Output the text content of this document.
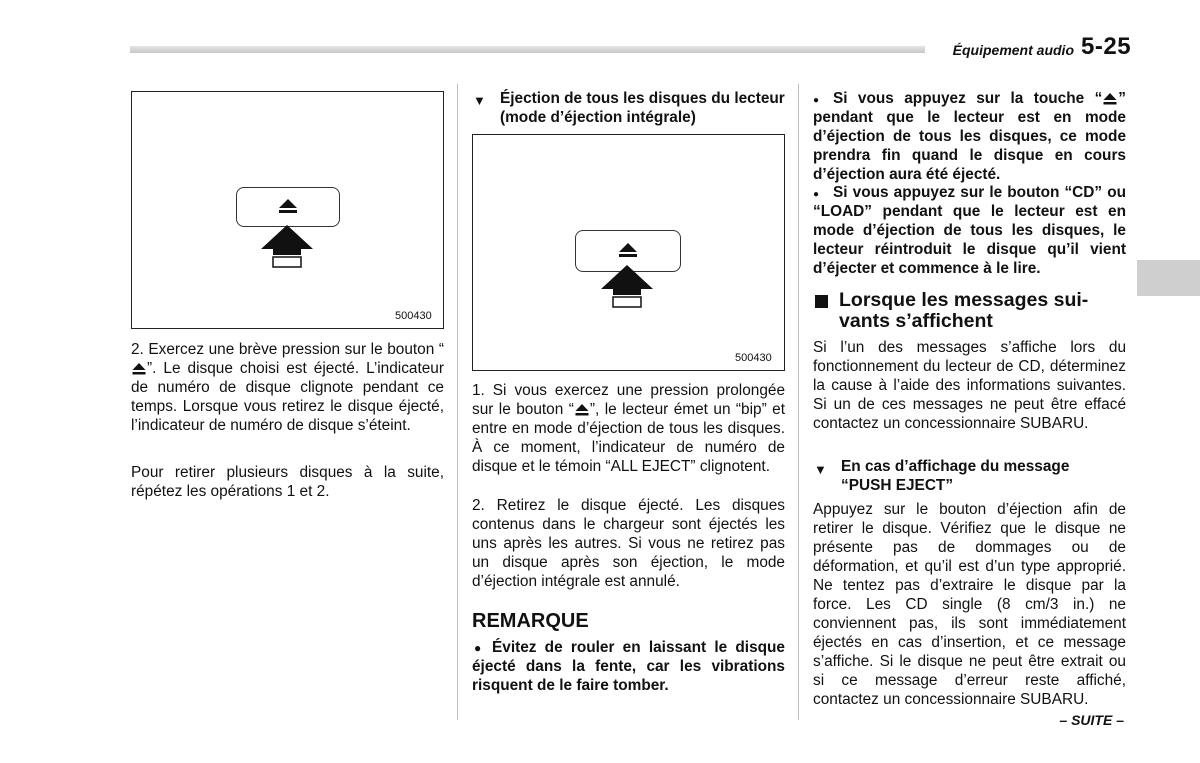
Équipement audio 5-25
500430

2. Exercez une brève pression sur le bouton “”. Le disque choisi est éjecté. L’indicateur de numéro de disque clignote pendant ce temps. Lorsque vous retirez le disque éjecté, l’indicateur de numéro de disque s’éteint.

Pour retirer plusieurs disques à la suite, répétez les opérations 1 et 2.

▼ Éjection de tous les disques du lecteur (mode d’éjection intégrale)
500430

1. Si vous exercez une pression prolongée sur le bouton “ ”, le lecteur émet un “bip” et entre en mode d’éjection de tous les disques. À ce moment, l’indicateur de numéro de disque et le témoin “ALL EJECT” clignotent.

2. Retirez le disque éjecté. Les disques contenus dans le chargeur sont éjectés les uns après les autres. Si vous ne retirez pas un disque après son éjection, le mode d’éjection intégrale est annulé.

REMARQUE
● Évitez de rouler en laissant le disque éjecté dans la fente, car les vibrations risquent de le faire tomber.

● Si vous appuyez sur la touche “ ” pendant que le lecteur est en mode d’éjection de tous les disques, ce mode prendra fin quand le disque en cours d’éjection aura été éjecté.

● Si vous appuyez sur le bouton “CD” ou “LOAD” pendant que le lecteur est en mode d’éjection de tous les disques, le lecteur réintroduit le disque qu’il vient d’éjecter et commence à le lire.

Lorsque les messages sui-
vants s’affichent

Si l’un des messages s’affiche lors du fonctionnement du lecteur de CD, déterminez la cause à l’aide des informations suivantes. Si un de ces messages ne peut être effacé contactez un concessionnaire SUBARU.

▼ En cas d’affichage du message
“PUSH EJECT”

Appuyez sur le bouton d’éjection afin de retirer le disque. Vérifiez que le disque ne présente pas de dommages ou de déformation, et qu’il est d’un type approprié. Ne tentez pas d’extraire le disque par la force. Les CD single (8 cm/3 in.) ne conviennent pas, ils sont immédiatement éjectés en cas d’insertion, et ce message s’affiche. Si le disque ne peut être extrait ou si ce message d’erreur reste affiché, contactez un concessionnaire SUBARU.

– SUITE –
